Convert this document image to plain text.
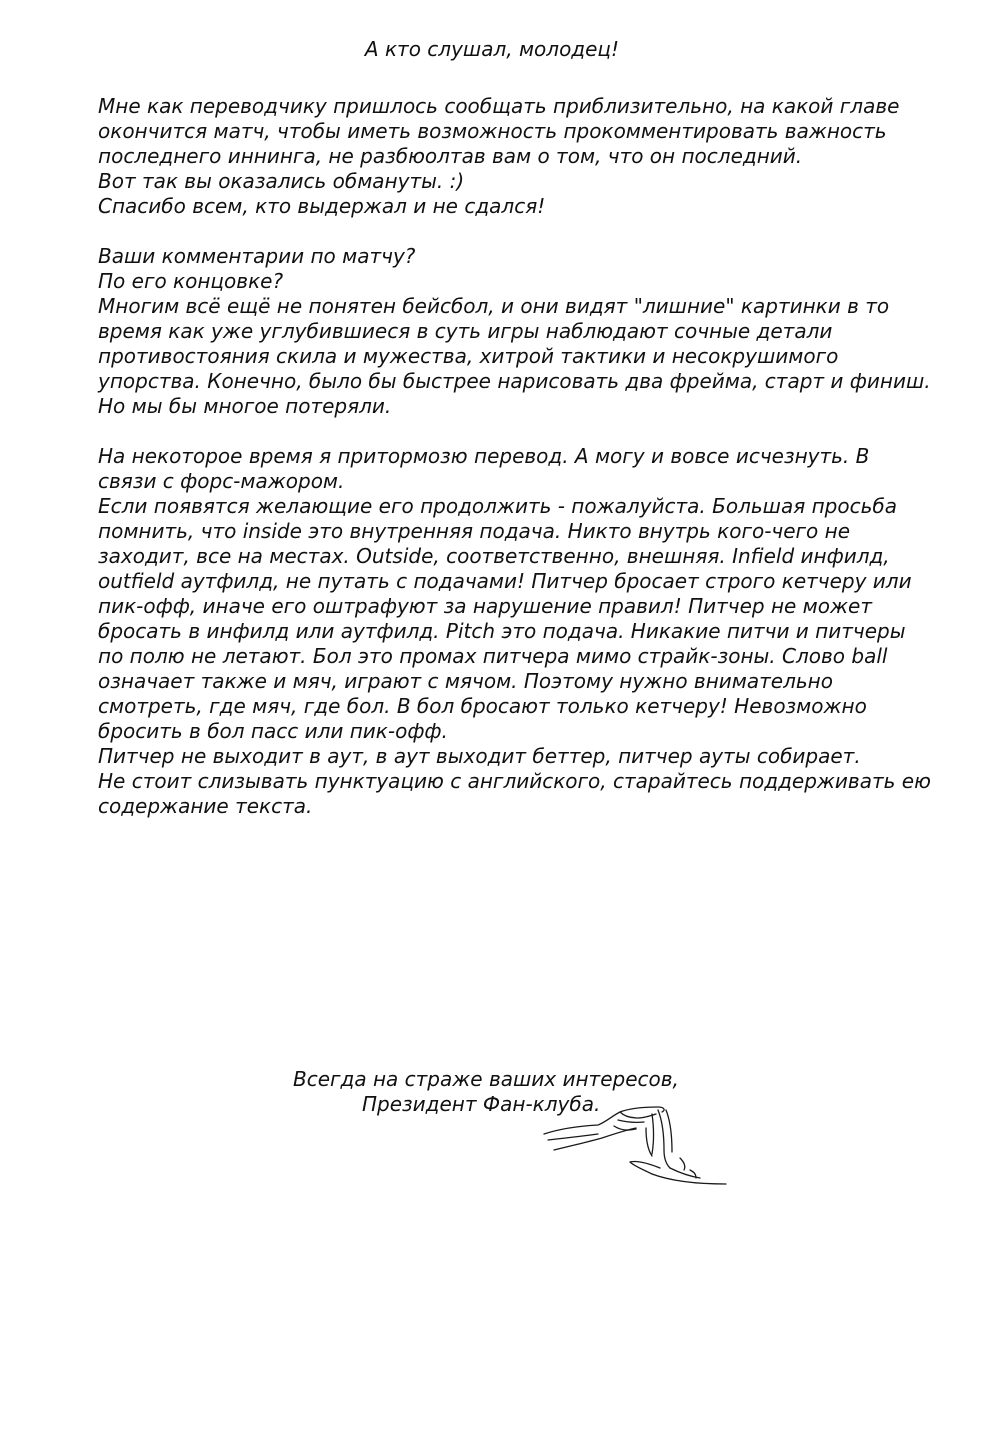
А кто слушал, молодец!
Мне как переводчику пришлось сообщать приблизительно, на какой главе
окончится матч, чтобы иметь возможность прокомментировать важность
последнего иннинга, не разбюолтав вам о том, что он последний.
Вот так вы оказались обмануты. :)
Спасибо всем, кто выдержал и не сдался!
Ваши комментарии по матчу?
По его концовке?
Многим всё ещё не понятен бейсбол, и они видят "лишние" картинки в то
время как уже углубившиеся в суть игры наблюдают сочные детали
противостояния скила и мужества, хитрой тактики и несокрушимого
упорства. Конечно, было бы быстрее нарисовать два фрейма, старт и финиш.
Но мы бы многое потеряли.
На некоторое время я притормозю перевод. А могу и вовсе исчезнуть. В
связи с форс-мажором.
Если появятся желающие его продолжить - пожалуйста. Большая просьба
помнить, что inside это внутренняя подача. Никто внутрь кого-чего не
заходит, все на местах. Outside, соответственно, внешняя. Infield инфилд,
outfield аутфилд, не путать с подачами! Питчер бросает строго кетчеру или
пик-офф, иначе его оштрафуют за нарушение правил! Питчер не может
бросать в инфилд или аутфилд. Pitch это подача. Никакие питчи и питчеры
по полю не летают. Бол это промах питчера мимо страйк-зоны. Слово ball
означает также и мяч, играют с мячом. Поэтому нужно внимательно
смотреть, где мяч, где бол. В бол бросают только кетчеру! Невозможно
бросить в бол пасс или пик-офф.
Питчер не выходит в аут, в аут выходит беттер, питчер ауты собирает.
Не стоит слизывать пунктуацию с английского, старайтесь поддерживать ею
содержание текста.
Всегда на страже ваших интересов,
Президент Фан-клуба.
